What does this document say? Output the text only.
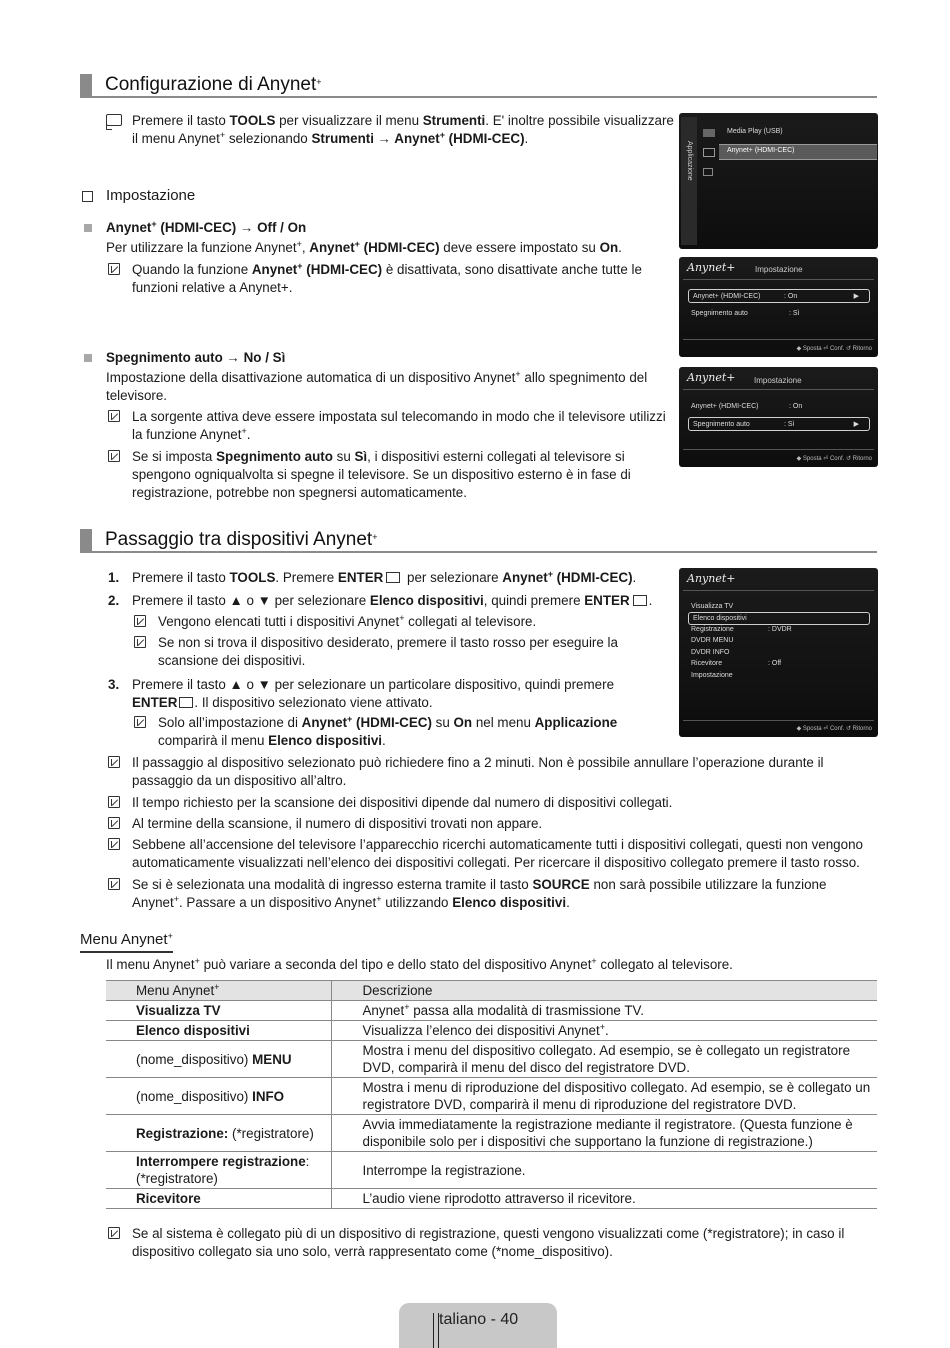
Configurazione di Anynet+
Premere il tasto TOOLS per visualizzare il menu Strumenti. E' inoltre possibile visualizzare
il menu Anynet+ selezionando Strumenti → Anynet+ (HDMI-CEC).
Impostazione
Anynet+ (HDMI-CEC) → Off / On
Per utilizzare la funzione Anynet+, Anynet+ (HDMI-CEC) deve essere impostato su On.
Quando la funzione Anynet+ (HDMI-CEC) è disattivata, sono disattivate anche tutte le
funzioni relative a Anynet+.
Spegnimento auto → No / Sì
Impostazione della disattivazione automatica di un dispositivo Anynet+ allo spegnimento del
televisore.
La sorgente attiva deve essere impostata sul telecomando in modo che il televisore utilizzi
la funzione Anynet+.
Se si imposta Spegnimento auto su Sì, i dispositivi esterni collegati al televisore si
spengono ogniqualvolta si spegne il televisore. Se un dispositivo esterno è in fase di
registrazione, potrebbe non spegnersi automaticamente.
Media Play (USB)
Anynet+ (HDMI-CEC)
Anynet+ Impostazione
Anynet+ (HDMI-CEC)	: On	▶
Spegnimento auto	: Sì
◆ Sposta ⏎ Conf. ↺ Ritorno
Anynet+ Impostazione
Anynet+ (HDMI-CEC)	: On
Spegnimento auto	: Sì	▶
◆ Sposta ⏎ Conf. ↺ Ritorno
Passaggio tra dispositivi Anynet+
1. Premere il tasto TOOLS. Premere ENTER per selezionare Anynet+ (HDMI-CEC).
2. Premere il tasto ▲ o ▼ per selezionare Elenco dispositivi, quindi premere ENTER .
Vengono elencati tutti i dispositivi Anynet+ collegati al televisore.
Se non si trova il dispositivo desiderato, premere il tasto rosso per eseguire la
scansione dei dispositivi.
3. Premere il tasto ▲ o ▼ per selezionare un particolare dispositivo, quindi premere
ENTER . Il dispositivo selezionato viene attivato.
Solo all’impostazione di Anynet+ (HDMI-CEC) su On nel menu Applicazione
comparirà il menu Elenco dispositivi.
Anynet+
Visualizza TV
Elenco dispositivi
Registrazione	: DVDR
DVDR MENU
DVDR INFO
Ricevitore	: Off
Impostazione
◆ Sposta ⏎ Conf. ↺ Ritorno
Il passaggio al dispositivo selezionato può richiedere fino a 2 minuti. Non è possibile annullare l’operazione durante il
passaggio da un dispositivo all’altro.
Il tempo richiesto per la scansione dei dispositivi dipende dal numero di dispositivi collegati.
Al termine della scansione, il numero di dispositivi trovati non appare.
Sebbene all’accensione del televisore l’apparecchio ricerchi automaticamente tutti i dispositivi collegati, questi non vengono
automaticamente visualizzati nell’elenco dei dispositivi collegati. Per ricercare il dispositivo collegato premere il tasto rosso.
Se si è selezionata una modalità di ingresso esterna tramite il tasto SOURCE non sarà possibile utilizzare la funzione
Anynet+. Passare a un dispositivo Anynet+ utilizzando Elenco dispositivi.
Menu Anynet+
Il menu Anynet+ può variare a seconda del tipo e dello stato del dispositivo Anynet+ collegato al televisore.
Menu Anynet+	Descrizione
Visualizza TV	Anynet+ passa alla modalità di trasmissione TV.
Elenco dispositivi	Visualizza l’elenco dei dispositivi Anynet+.
(nome_dispositivo) MENU	Mostra i menu del dispositivo collegato. Ad esempio, se è collegato un registratore
DVD, comparirà il menu del disco del registratore DVD.
(nome_dispositivo) INFO	Mostra i menu di riproduzione del dispositivo collegato. Ad esempio, se è collegato un
registratore DVD, comparirà il menu di riproduzione del registratore DVD.
Registrazione: (*registratore)	Avvia immediatamente la registrazione mediante il registratore. (Questa funzione è
disponibile solo per i dispositivi che supportano la funzione di registrazione.)
Interrompere registrazione:
(*registratore)	Interrompe la registrazione.
Ricevitore	L’audio viene riprodotto attraverso il ricevitore.
Se al sistema è collegato più di un dispositivo di registrazione, questi vengono visualizzati come (*registratore); in caso il
dispositivo collegato sia uno solo, verrà rappresentato come (*nome_dispositivo).
taliano - 40
